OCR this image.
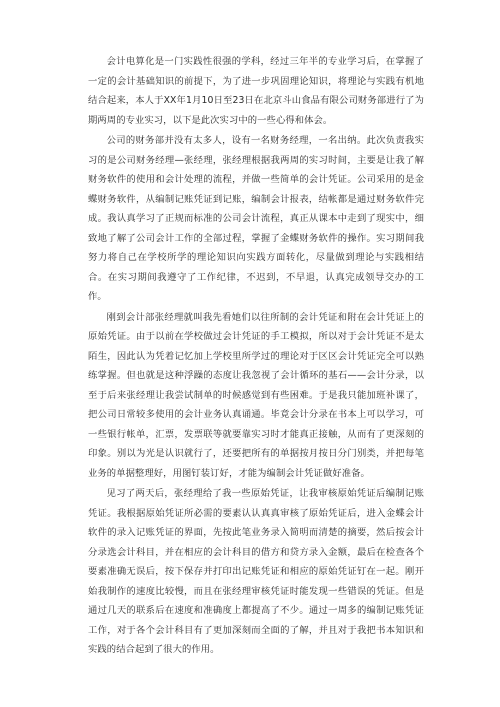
会计电算化是一门实践性很强的学科，经过三年半的专业学习后，在掌握了一定的会计基础知识的前提下，为了进一步巩固理论知识，将理论与实践有机地结合起来，本人于XX年1月10日至23日在北京斗山食品有限公司财务部进行了为期两周的专业实习，以下是此次实习中的一些心得和体会。

公司的财务部并没有太多人，设有一名财务经理，一名出纳。此次负责我实习的是公司财务经理—张经理，张经理根据我两周的实习时间，主要是让我了解财务软件的使用和会计处理的流程，并做一些简单的会计凭证。公司采用的是金蝶财务软件，从编制记账凭证到记账，编制会计报表，结帐都是通过财务软件完成。我认真学习了正规而标准的公司会计流程，真正从课本中走到了现实中，细致地了解了公司会计工作的全部过程，掌握了金蝶财务软件的操作。实习期间我努力将自己在学校所学的理论知识向实践方面转化，尽量做到理论与实践相结合。在实习期间我遵守了工作纪律，不迟到，不早退，认真完成领导交办的工作。

刚到会计部张经理就叫我先看她们以往所制的会计凭证和附在会计凭证上的原始凭证。由于以前在学校做过会计凭证的手工模拟，所以对于会计凭证不是太陌生，因此认为凭着记忆加上学校里所学过的理论对于区区会计凭证完全可以熟练掌握。但也就是这种浮躁的态度让我忽视了会计循环的基石——会计分录，以至于后来张经理让我尝试制单的时候感觉到有些困难。于是我只能加班补课了，把公司日常较多使用的会计业务认真诵通。毕竟会计分录在书本上可以学习，可一些银行帐单，汇票，发票联等就要靠实习时才能真正接触，从而有了更深刻的印象。别以为光是认识就行了，还要把所有的单据按月按日分门别类，并把每笔业务的单据整理好，用图钉装订好，才能为编制会计凭证做好准备。

见习了两天后，张经理给了我一些原始凭证，让我审核原始凭证后编制记账凭证。我根据原始凭证所必需的要素认认真真审核了原始凭证后，进入金蝶会计软件的录入记账凭证的界面，先按此笔业务录入简明而清楚的摘要，然后按会计分录选会计科目，并在相应的会计科目的借方和贷方录入金额，最后在检查各个要素准确无误后，按下保存并打印出记账凭证和相应的原始凭证钉在一起。刚开始我制作的速度比较慢，而且在张经理审核凭证时能发现一些错误的凭证。但是通过几天的联系后在速度和准确度上都提高了不少。通过一周多的编制记账凭证工作，对于各个会计科目有了更加深刻而全面的了解，并且对于我把书本知识和实践的结合起到了很大的作用。
